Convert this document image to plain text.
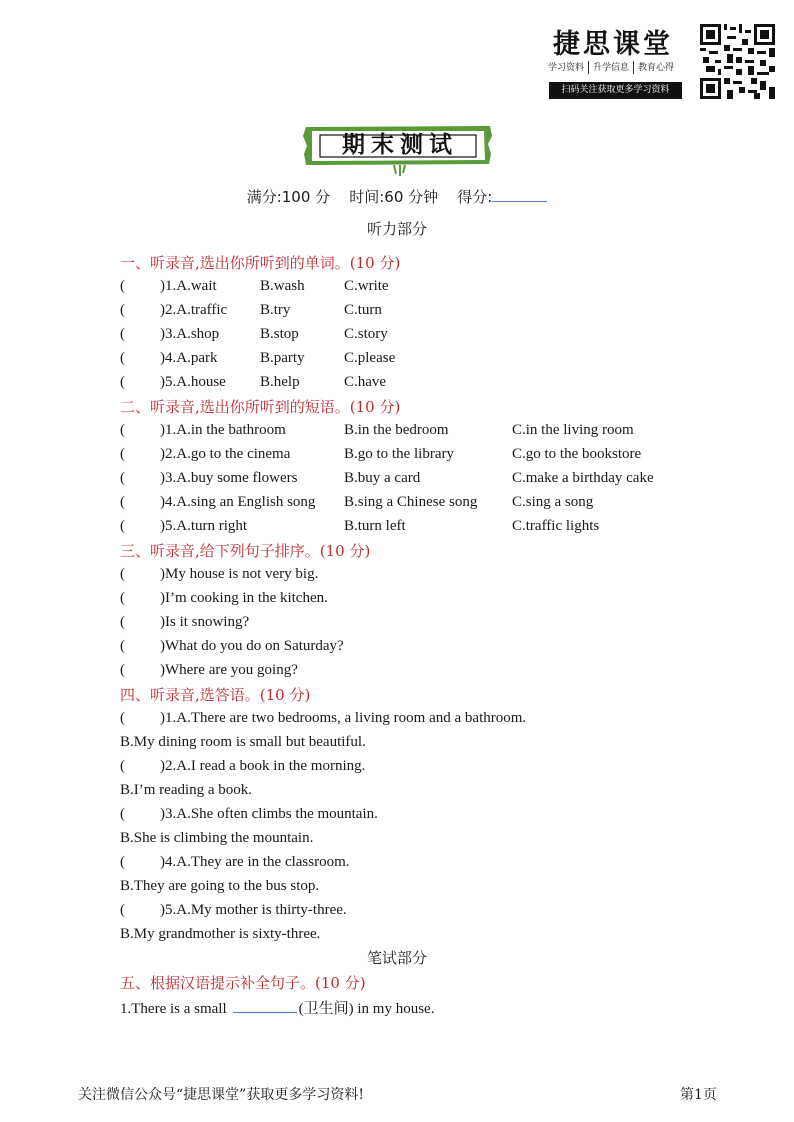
捷思课堂
学习资料 升学信息 教育心得
扫码关注获取更多学习资料
期末测试
满分:100 分 时间:60 分钟 得分:
听力部分
一、听录音,选出你所听到的单词。(10 分)
( )1.A.wait	B.wash	C.write
( )2.A.traffic B.try	C.turn
( )3.A.shop	B.stop	C.story
( )4.A.park	B.party	C.please
( )5.A.house B.help	C.have
二、听录音,选出你所听到的短语。(10 分)
( )1.A.in the bathroom	B.in the bedroom	C.in the living room
( )2.A.go to the cinema	B.go to the library	C.go to the bookstore
( )3.A.buy some flowers	B.buy a card	C.make a birthday cake
( )4.A.sing an English song B.sing a Chinese song C.sing a song
( )5.A.turn right	B.turn left	C.traffic lights
三、听录音,给下列句子排序。(10 分)
( )My house is not very big.
( )I’m cooking in the kitchen.
( )Is it snowing?
( )What do you do on Saturday?
( )Where are you going?
四、听录音,选答语。(10 分)
( )1.A.There are two bedrooms, a living room and a bathroom.
B.My dining room is small but beautiful.
( )2.A.I read a book in the morning.
B.I’m reading a book.
( )3.A.She often climbs the mountain.
B.She is climbing the mountain.
( )4.A.They are in the classroom.
B.They are going to the bus stop.
( )5.A.My mother is thirty-three.
B.My grandmother is sixty-three.
笔试部分
五、根据汉语提示补全句子。(10 分)
1.There is a small	(卫生间) in my house.
关注微信公众号“捷思课堂”获取更多学习资料!	第1页
